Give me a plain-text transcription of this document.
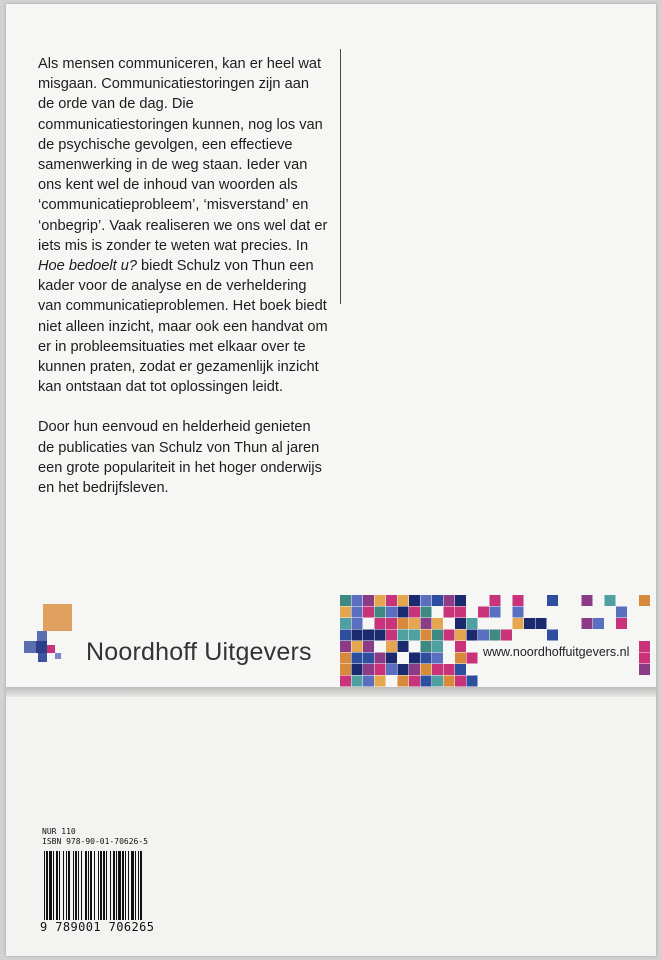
Als mensen communiceren, kan er heel wat misgaan. Communicatiestoringen zijn aan de orde van de dag. Die communicatiestoringen kunnen, nog los van de psychische gevolgen, een effectieve samenwerking in de weg staan. Ieder van ons kent wel de inhoud van woorden als ‘communicatieprobleem’, ‘misverstand’ en ‘onbegrip’. Vaak realiseren we ons wel dat er iets mis is zonder te weten wat precies. In Hoe bedoelt u? biedt Schulz von Thun een kader voor de analyse en de verheldering van communicatieproblemen. Het boek biedt niet alleen inzicht, maar ook een handvat om er in probleemsituaties met elkaar over te kunnen praten, zodat er gezamenlijk inzicht kan ontstaan dat tot oplossingen leidt.

Door hun eenvoud en helderheid genieten de publicaties van Schulz von Thun al jaren een grote populariteit in het hoger onderwijs en het bedrijfsleven.

Noordhoff Uitgevers	www.noordhoffuitgevers.nl
NUR 110
ISBN 978-90-01-70626-5
9 789001 706265
